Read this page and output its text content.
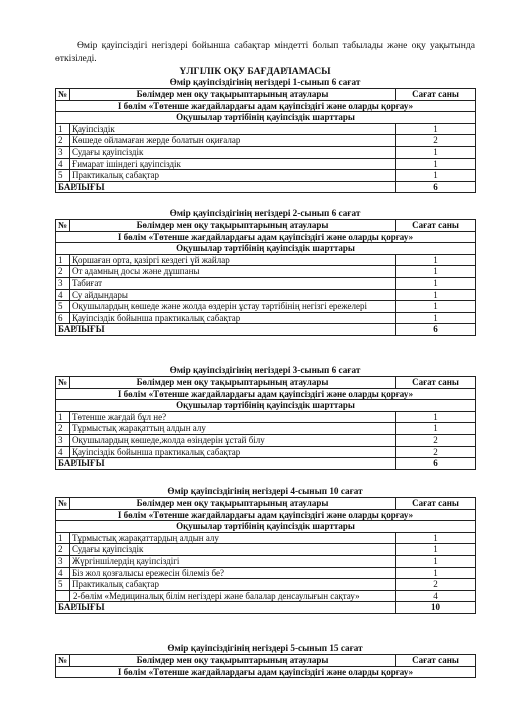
Өмір қауіпсіздігі негіздері бойынша сабақтар міндетті болып табылады және оқу уақытында өткізіледі.
ҮЛГІЛІК ОҚУ БАҒДАРЛАМАСЫ
Өмір қауіпсіздігінің негіздері 1-сынып 6 сағат
№	Бөлімдер мен оқу тақырыптарының атаулары	Сағат саны
І бөлім «Төтенше жағдайлардағы адам қауіпсіздігі және оларды қорғау»		
Оқушылар тәртібінің қауіпсіздік шарттары		
1	Қауіпсіздік	1
2	Көшеде ойламаған жерде болатын оқиғалар	2
3	Судағы қауіпсіздік	1
4	Ғимарат ішіндегі қауіпсіздік	1
5	Практикалық сабақтар	1
БАРЛЫҒЫ		6
Өмір қауіпсіздігінің негіздері 2-сынып 6 сағат
№	Бөлімдер мен оқу тақырыптарының атаулары	Сағат саны
І бөлім «Төтенше жағдайлардағы адам қауіпсіздігі және оларды қорғау»		
Оқушылар тәртібінің қауіпсіздік шарттары		
1	Қоршаған орта, қазіргі кездегі үй жайлар	1
2	От адамның досы және дұшпаны	1
3	Табиғат	1
4	Су айдындары	1
5	Оқушылардың көшеде және жолда өздерін ұстау тәртібінің негізгі ережелері	1
6	Қауіпсіздік бойынша практикалық сабақтар	1
БАРЛЫҒЫ		6
Өмір қауіпсіздігінің негіздері 3-сынып 6 сағат
№	Бөлімдер мен оқу тақырыптарының атаулары	Сағат саны
І бөлім «Төтенше жағдайлардағы адам қауіпсіздігі және оларды қорғау»		
Оқушылар тәртібінің қауіпсіздік шарттары		
1	Төтенше жағдай бұл не?	1
2	Тұрмыстық жарақаттың алдын алу	1
3	Оқушылардың көшеде,жолда өзіндерін ұстай білу	2
4	Қауіпсіздік бойынша практикалық сабақтар	2
БАРЛЫҒЫ		6
Өмір қауіпсіздігінің негіздері 4-сынып 10 сағат
№	Бөлімдер мен оқу тақырыптарының атаулары	Сағат саны
І бөлім «Төтенше жағдайлардағы адам қауіпсіздігі және оларды қорғау»		
Оқушылар тәртібінің қауіпсіздік шарттары		
1	Тұрмыстық жарақаттардың алдын алу	1
2	Судағы қауіпсіздік	1
3	Жүргіншілердің қауіпсіздігі	1
4	Біз жол қозғалысы ережесін білеміз бе?	1
5	Практикалық сабақтар	2
	2-бөлім «Медициналық білім негіздері және балалар денсаулығын сақтау»	4
БАРЛЫҒЫ		10
Өмір қауіпсіздігінің негіздері 5-сынып 15 сағат
№	Бөлімдер мен оқу тақырыптарының атаулары	Сағат саны
І бөлім «Төтенше жағдайлардағы адам қауіпсіздігі және оларды қорғау»
